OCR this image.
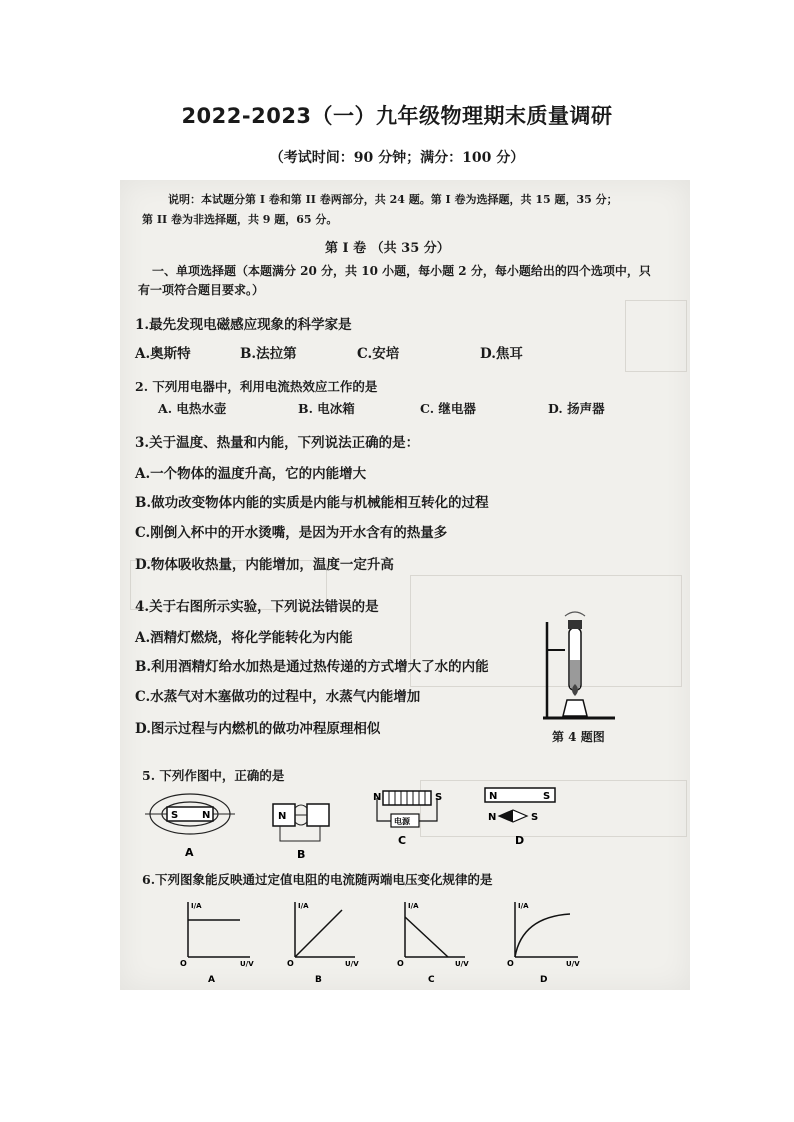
2022-2023（一）九年级物理期末质量调研
（考试时间：90 分钟；满分：100 分）
说明：本试题分第 I 卷和第 II 卷两部分，共 24 题。第 I 卷为选择题，共 15 题，35 分；
第 II 卷为非选择题，共 9 题，65 分。
第 I 卷 （共 35 分）
一、单项选择题（本题满分 20 分，共 10 小题，每小题 2 分，每小题给出的四个选项中，只
有一项符合题目要求。）
1.最先发现电磁感应现象的科学家是
A.奥斯特	B.法拉第	C.安培	D.焦耳
2. 下列用电器中，利用电流热效应工作的是
A. 电热水壶	B. 电冰箱	C. 继电器	D. 扬声器
3.关于温度、热量和内能，下列说法正确的是：
A.一个物体的温度升高，它的内能增大
B.做功改变物体内能的实质是内能与机械能相互转化的过程
C.刚倒入杯中的开水烫嘴，是因为开水含有的热量多
D.物体吸收热量，内能增加，温度一定升高
4.关于右图所示实验，下列说法错误的是
A.酒精灯燃烧，将化学能转化为内能
B.利用酒精灯给水加热是通过热传递的方式增大了水的内能
C.水蒸气对木塞做功的过程中，水蒸气内能增加
D.图示过程与内燃机的做功冲程原理相似	第 4 题图
5. 下列作图中，正确的是
S N
A
N
B
N	S
电源
C
N	S
N	S
D
6.下列图象能反映通过定值电阻的电流随两端电压变化规律的是
I/A
U/V
O
A
I/A
U/V
O
B
I/A
U/V
O
C
I/A
U/V
O
D
